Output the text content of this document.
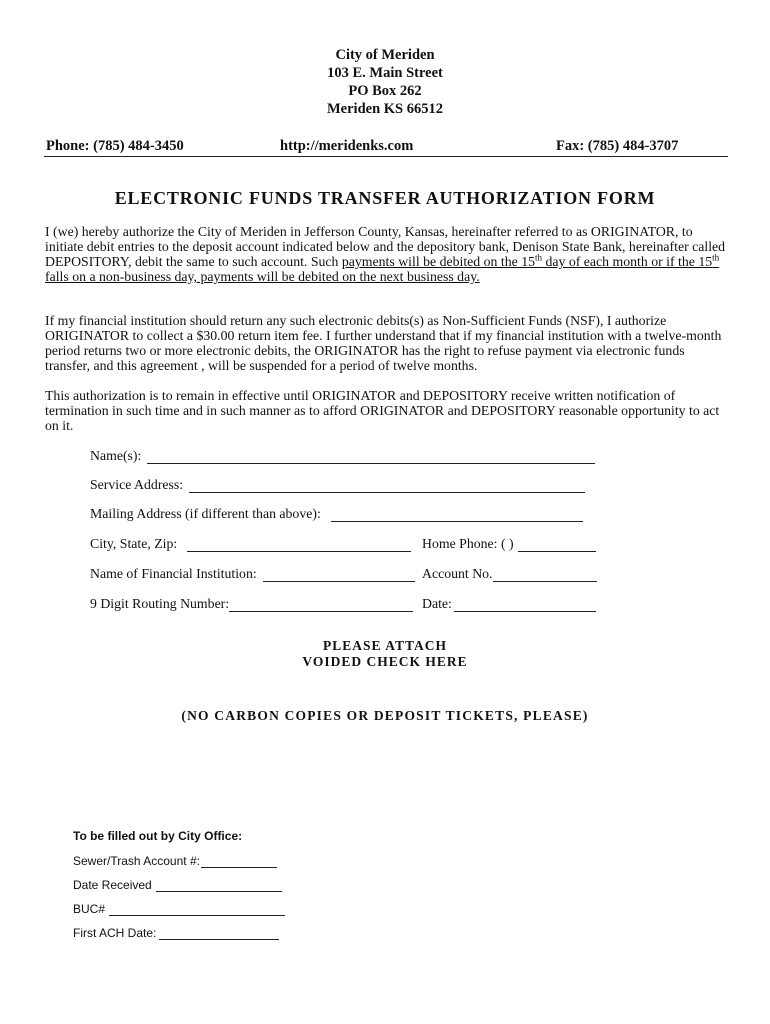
City of Meriden
103 E. Main Street
PO Box 262
Meriden KS 66512
Phone: (785) 484-3450	http://meridenks.com	Fax: (785) 484-3707
ELECTRONIC FUNDS TRANSFER AUTHORIZATION FORM
I (we) hereby authorize the City of Meriden in Jefferson County, Kansas, hereinafter referred to as ORIGINATOR, to initiate debit entries to the deposit account indicated below and the depository bank, Denison State Bank, hereinafter called DEPOSITORY, debit the same to such account. Such payments will be debited on the 15th day of each month or if the 15th falls on a non-business day, payments will be debited on the next business day.
If my financial institution should return any such electronic debits(s) as Non-Sufficient Funds (NSF), I authorize ORIGINATOR to collect a $30.00 return item fee. I further understand that if my financial institution with a twelve-month period returns two or more electronic debits, the ORIGINATOR has the right to refuse payment via electronic funds transfer, and this agreement , will be suspended for a period of twelve months.
This authorization is to remain in effective until ORIGINATOR and DEPOSITORY receive written notification of termination in such time and in such manner as to afford ORIGINATOR and DEPOSITORY reasonable opportunity to act on it.
Name(s):
Service Address:
Mailing Address (if different than above):
City, State, Zip:	Home Phone: ( )
Name of Financial Institution:	Account No.
9 Digit Routing Number:	Date:
PLEASE ATTACH
VOIDED CHECK HERE
(NO CARBON COPIES OR DEPOSIT TICKETS, PLEASE)
To be filled out by City Office:
Sewer/Trash Account #:
Date Received
BUC#
First ACH Date:
